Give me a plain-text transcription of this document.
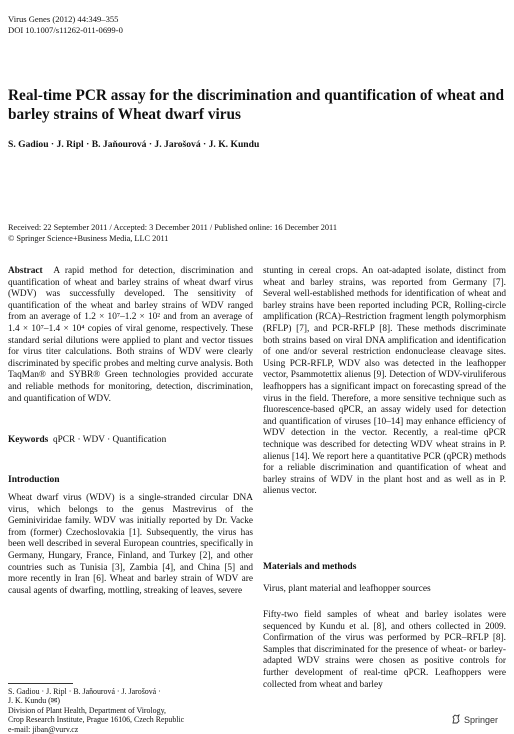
Virus Genes (2012) 44:349–355
DOI 10.1007/s11262-011-0699-0
Real-time PCR assay for the discrimination and quantification of wheat and barley strains of Wheat dwarf virus
S. Gadiou · J. Ripl · B. Jaňourová · J. Jarošová · J. K. Kundu
Received: 22 September 2011 / Accepted: 3 December 2011 / Published online: 16 December 2011
© Springer Science+Business Media, LLC 2011

Abstract A rapid method for detection, discrimination and quantification of wheat and barley strains of wheat dwarf virus (WDV) was successfully developed. The sensitivity of quantification of the wheat and barley strains of WDV ranged from an average of 1.2 × 10⁷–1.2 × 10² and from an average of 1.4 × 10⁷–1.4 × 10⁴ copies of viral genome, respectively. These standard serial dilutions were applied to plant and vector tissues for virus titer calculations. Both strains of WDV were clearly discriminated by specific probes and melting curve analysis. Both TaqMan® and SYBR® Green technologies provided accurate and reliable methods for monitoring, detection, discrimination, and quantification of WDV.

Keywords qPCR · WDV · Quantification
Introduction
Wheat dwarf virus (WDV) is a single-stranded circular DNA virus, which belongs to the genus Mastrevirus of the Geminiviridae family. WDV was initially reported by Dr. Vacke from (former) Czechoslovakia [1]. Subsequently, the virus has been well described in several European countries, specifically in Germany, Hungary, France, Finland, and Turkey [2], and other countries such as Tunisia [3], Zambia [4], and China [5] and more recently in Iran [6]. Wheat and barley strain of WDV are causal agents of dwarfing, mottling, streaking of leaves, severe
stunting in cereal crops. An oat-adapted isolate, distinct from wheat and barley strains, was reported from Germany [7]. Several well-established methods for identification of wheat and barley strains have been reported including PCR, Rolling-circle amplification (RCA)–Restriction fragment length polymorphism (RFLP) [7], and PCR-RFLP [8]. These methods discriminate both strains based on viral DNA amplification and identification of one and/or several restriction endonuclease cleavage sites. Using PCR-RFLP, WDV also was detected in the leafhopper vector, Psammotettix alienus [9]. Detection of WDV-viruliferous leafhoppers has a significant impact on forecasting spread of the virus in the field. Therefore, a more sensitive technique such as fluorescence-based qPCR, an assay widely used for detection and quantification of viruses [10–14] may enhance efficiency of WDV detection in the vector. Recently, a real-time qPCR technique was described for detecting WDV wheat strains in P. alienus [14]. We report here a quantitative PCR (qPCR) methods for a reliable discrimination and quantification of wheat and barley strains of WDV in the plant host and as well as in P. alienus vector.
Materials and methods
Virus, plant material and leafhopper sources
Fifty-two field samples of wheat and barley isolates were sequenced by Kundu et al. [8], and others collected in 2009. Confirmation of the virus was performed by PCR–RFLP [8]. Samples that discriminated for the presence of wheat- or barley-adapted WDV strains were chosen as positive controls for further development of real-time qPCR. Leafhoppers were collected from wheat and barley
S. Gadiou · J. Ripl · B. Jaňourová · J. Jarošová ·
J. K. Kundu (✉)
Division of Plant Health, Department of Virology,
Crop Research Institute, Prague 16106, Czech Republic
e-mail: jiban@vurv.cz
Springer
